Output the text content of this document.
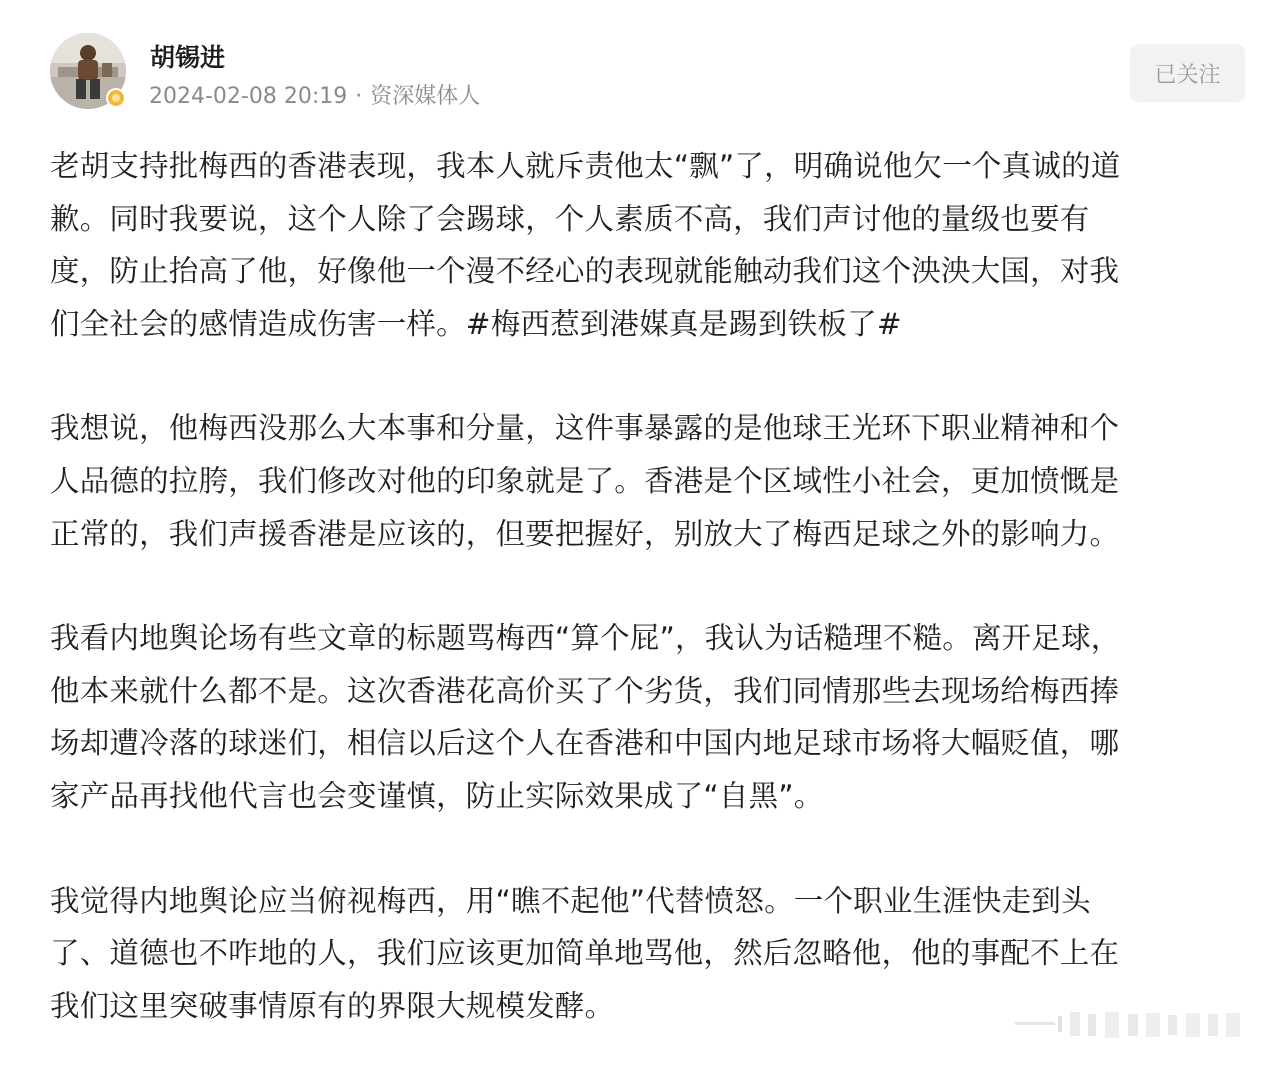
胡锡进
2024-02-08 20:19 · 资深媒体人
已关注
老胡支持批梅西的香港表现，我本人就斥责他太“飘”了，明确说他欠一个真诚的道
歉。同时我要说，这个人除了会踢球，个人素质不高，我们声讨他的量级也要有
度，防止抬高了他，好像他一个漫不经心的表现就能触动我们这个泱泱大国，对我
们全社会的感情造成伤害一样。#梅西惹到港媒真是踢到铁板了#
我想说，他梅西没那么大本事和分量，这件事暴露的是他球王光环下职业精神和个
人品德的拉胯，我们修改对他的印象就是了。香港是个区域性小社会，更加愤慨是
正常的，我们声援香港是应该的，但要把握好，别放大了梅西足球之外的影响力。
我看内地舆论场有些文章的标题骂梅西“算个屁”，我认为话糙理不糙。离开足球，
他本来就什么都不是。这次香港花高价买了个劣货，我们同情那些去现场给梅西捧
场却遭冷落的球迷们，相信以后这个人在香港和中国内地足球市场将大幅贬值，哪
家产品再找他代言也会变谨慎，防止实际效果成了“自黑”。
我觉得内地舆论应当俯视梅西，用“瞧不起他”代替愤怒。一个职业生涯快走到头
了、道德也不咋地的人，我们应该更加简单地骂他，然后忽略他，他的事配不上在
我们这里突破事情原有的界限大规模发酵。
